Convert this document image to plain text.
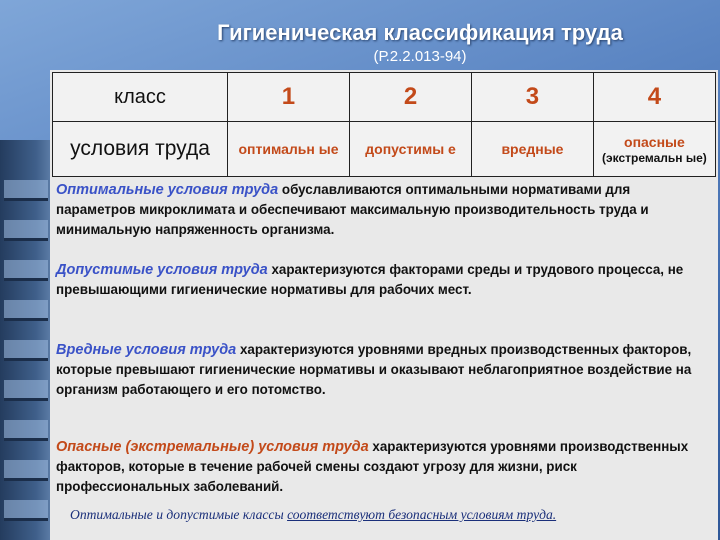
Гигиеническая классификация труда
(Р.2.2.013-94)
класс	1	2	3	4
условия труда	оптимальн ые	допустимы е	вредные	опасные
(экстремальн ые)

Оптимальные условия труда обуславливаются оптимальными нормативами для параметров микроклимата и обеспечивают максимальную производительность труда и минимальную напряженность организма.

Допустимые условия труда характеризуются факторами среды и трудового процесса, не превышающими гигиенические нормативы для рабочих мест.

Вредные условия труда характеризуются уровнями вредных производственных факторов, которые превышают гигиенические нормативы и оказывают неблагоприятное воздействие на организм работающего и его потомство.

Опасные (экстремальные) условия труда характеризуются уровнями производственных факторов, которые в течение рабочей смены создают угрозу для жизни, риск профессиональных заболеваний.

Оптимальные и допустимые классы соответствуют безопасным условиям труда.
